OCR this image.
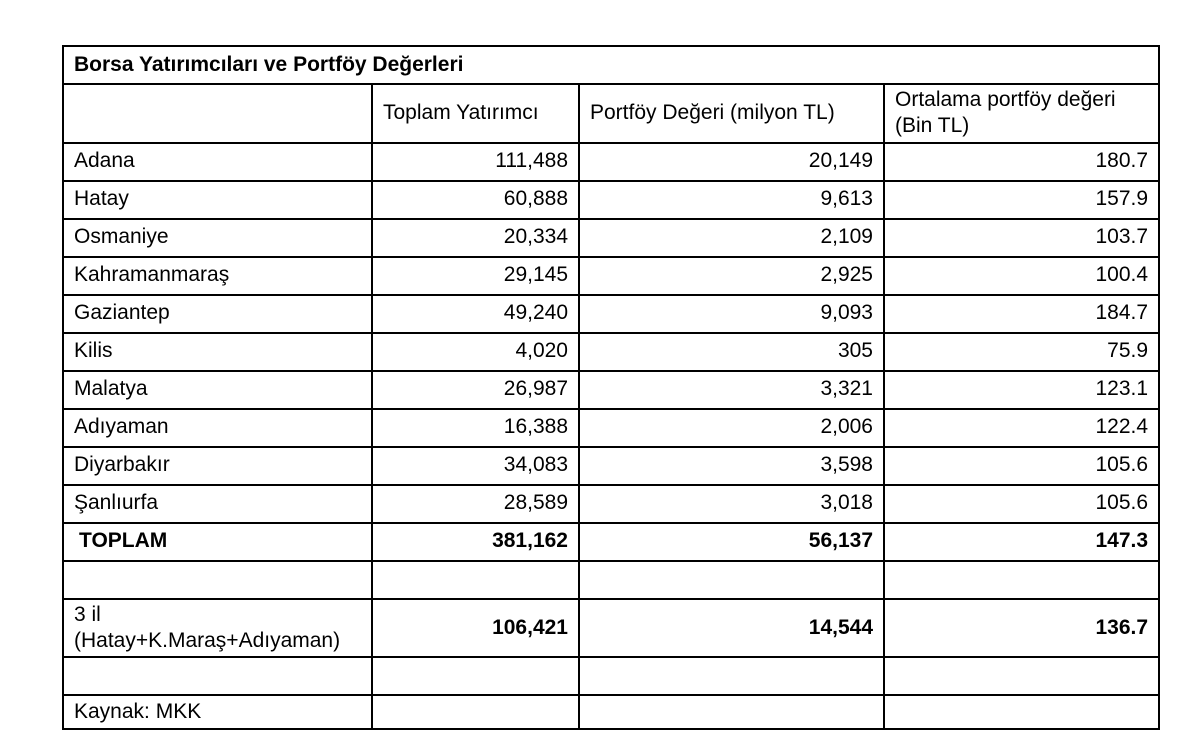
Borsa Yatırımcıları ve Portföy Değerleri			
	Toplam Yatırımcı	Portföy Değeri (milyon TL)	Ortalama portföy değeri (Bin TL)
Adana	111,488	20,149	180.7
Hatay	60,888	9,613	157.9
Osmaniye	20,334	2,109	103.7
Kahramanmaraş	29,145	2,925	100.4
Gaziantep	49,240	9,093	184.7
Kilis	4,020	305	75.9
Malatya	26,987	3,321	123.1
Adıyaman	16,388	2,006	122.4
Diyarbakır	34,083	3,598	105.6
Şanlıurfa	28,589	3,018	105.6
TOPLAM	381,162	56,137	147.3

3 il
(Hatay+K.Maraş+Adıyaman)	106,421	14,544	136.7

Kaynak: MKK			
